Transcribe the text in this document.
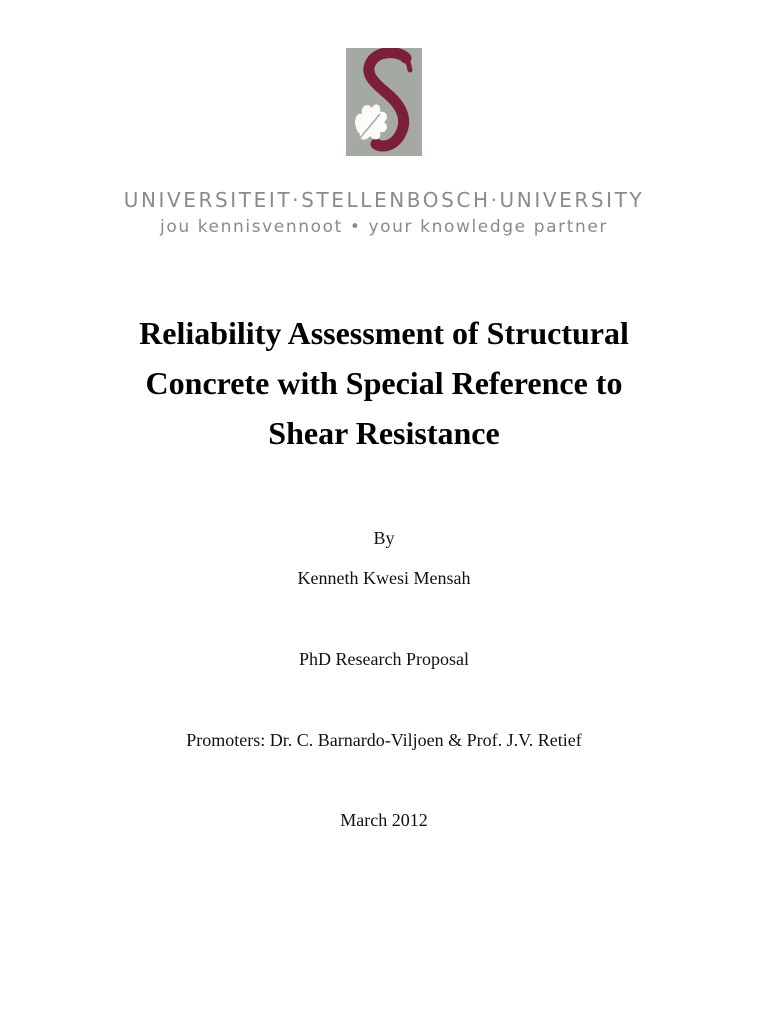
UNIVERSITEIT·STELLENBOSCH·UNIVERSITY
jou kennisvennoot • your knowledge partner
Reliability Assessment of Structural
Concrete with Special Reference to
Shear Resistance
By
Kenneth Kwesi Mensah
PhD Research Proposal
Promoters: Dr. C. Barnardo-Viljoen & Prof. J.V. Retief
March 2012
